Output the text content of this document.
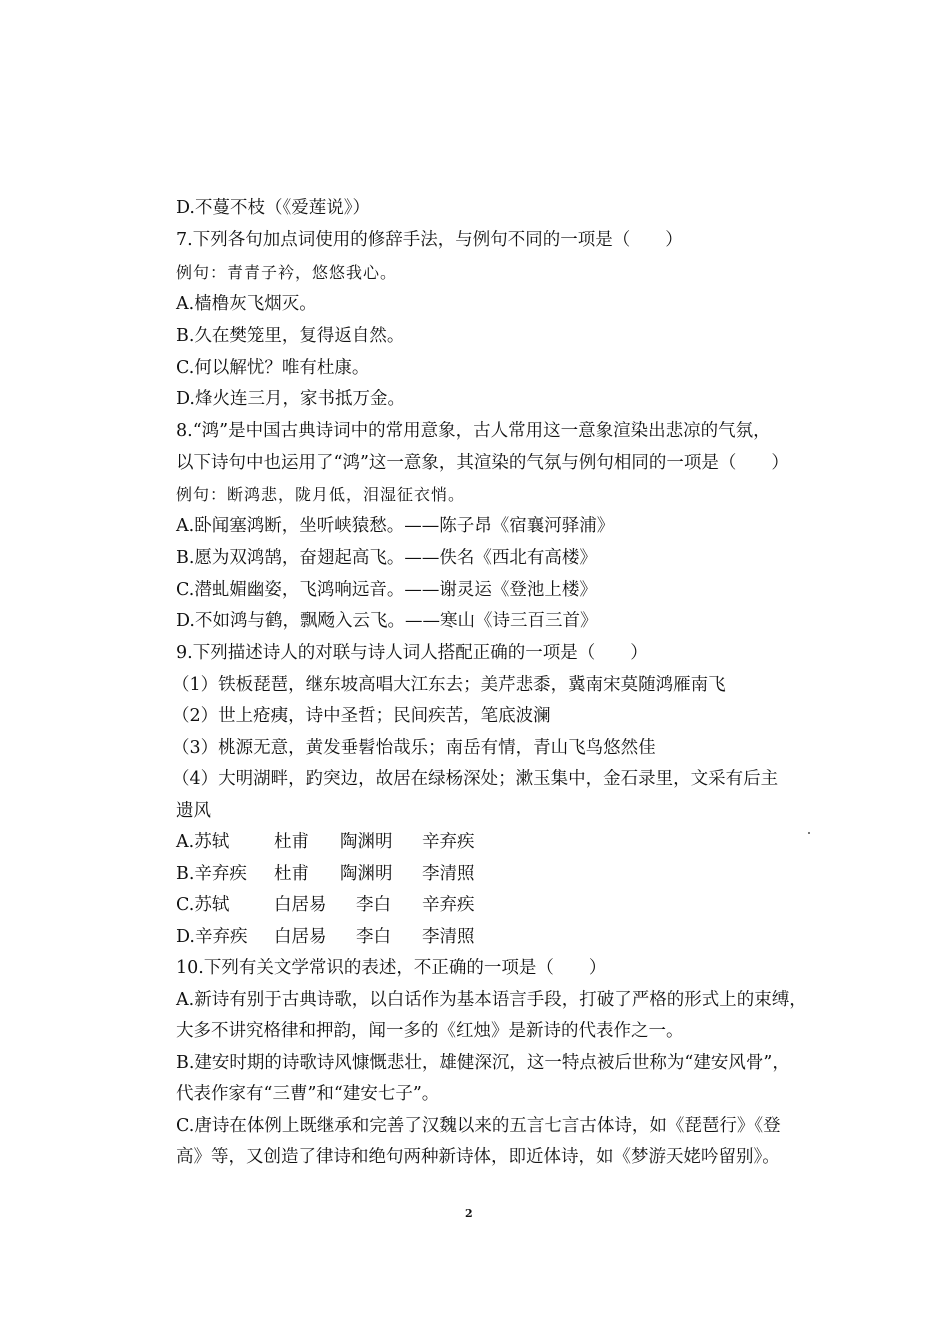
D.不蔓不枝（《爱莲说》）
7.下列各句加点词使用的修辞手法，与例句不同的一项是（　　）
例句：青青子衿，悠悠我心。
A.樯橹灰飞烟灭。
B.久在樊笼里，复得返自然。
C.何以解忧？唯有杜康。
D.烽火连三月，家书抵万金。
8.“鸿”是中国古典诗词中的常用意象，古人常用这一意象渲染出悲凉的气氛，
以下诗句中也运用了“鸿”这一意象，其渲染的气氛与例句相同的一项是（　　）
例句：断鸿悲，陇月低，泪湿征衣悄。
A.卧闻塞鸿断，坐听峡猿愁。——陈子昂《宿襄河驿浦》
B.愿为双鸿鹄，奋翅起高飞。——佚名《西北有高楼》
C.潜虬媚幽姿，飞鸿响远音。——谢灵运《登池上楼》
D.不如鸿与鹤，飘飏入云飞。——寒山《诗三百三首》
9.下列描述诗人的对联与诗人词人搭配正确的一项是（　　）
（1）铁板琵琶，继东坡高唱大江东去；美芹悲黍，冀南宋莫随鸿雁南飞
（2）世上疮痍，诗中圣哲；民间疾苦，笔底波澜
（3）桃源无意，黄发垂髫怡哉乐；南岳有情，青山飞鸟悠然佳
（4）大明湖畔，趵突边，故居在绿杨深处；漱玉集中，金石录里，文采有后主
遗风
A.苏轼	杜甫 陶渊明 辛弃疾
B.辛弃疾 杜甫 陶渊明 李清照
C.苏轼	白居易 李白 辛弃疾
D.辛弃疾 白居易 李白 李清照
10.下列有关文学常识的表述，不正确的一项是（　　）
A.新诗有别于古典诗歌，以白话作为基本语言手段，打破了严格的形式上的束缚，
大多不讲究格律和押韵，闻一多的《红烛》是新诗的代表作之一。
B.建安时期的诗歌诗风慷慨悲壮，雄健深沉，这一特点被后世称为“建安风骨”，
代表作家有“三曹”和“建安七子”。
C.唐诗在体例上既继承和完善了汉魏以来的五言七言古体诗，如《琵琶行》《登
高》等，又创造了律诗和绝句两种新诗体，即近体诗，如《梦游天姥吟留别》。
2
